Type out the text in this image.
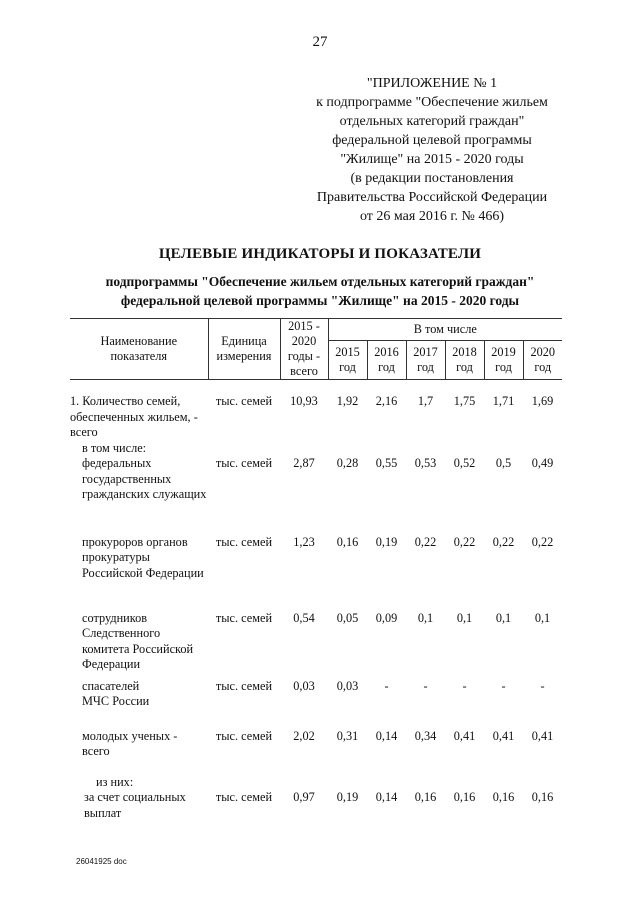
27
"ПРИЛОЖЕНИЕ № 1
к подпрограмме "Обеспечение жильем
отдельных категорий граждан"
федеральной целевой программы
"Жилище" на 2015 - 2020 годы
(в редакции постановления
Правительства Российской Федерации
от 26 мая 2016 г. № 466)
ЦЕЛЕВЫЕ ИНДИКАТОРЫ И ПОКАЗАТЕЛИ
подпрограммы "Обеспечение жильем отдельных категорий граждан"
федеральной целевой программы "Жилище" на 2015 - 2020 годы
Наименование показателя	Единица измерения	2015 - 2020 годы - всего	В том числе					
			2015 год	2016 год	2017 год	2018 год	2019 год	2020 год
1. Количество семей, обеспеченных жильем, - всего	тыс. семей	10,93	1,92	2,16	1,7	1,75	1,71	1,69

в том числе:
федеральных государственных гражданских служащих	тыс. семей	2,87	0,28	0,55	0,53	0,52	0,5	0,49
прокуроров органов прокуратуры Российской Федерации	тыс. семей	1,23	0,16	0,19	0,22	0,22	0,22	0,22
сотрудников Следственного комитета Российской Федерации	тыс. семей	0,54	0,05	0,09	0,1	0,1	0,1	0,1
спасателей МЧС России	тыс. семей	0,03	0,03	-	-	-	-	-
молодых ученых - всего	тыс. семей	2,02	0,31	0,14	0,34	0,41	0,41	0,41

из них:
за счет социальных выплат	тыс. семей	0,97	0,19	0,14	0,16	0,16	0,16	0,16
26041925 doc
